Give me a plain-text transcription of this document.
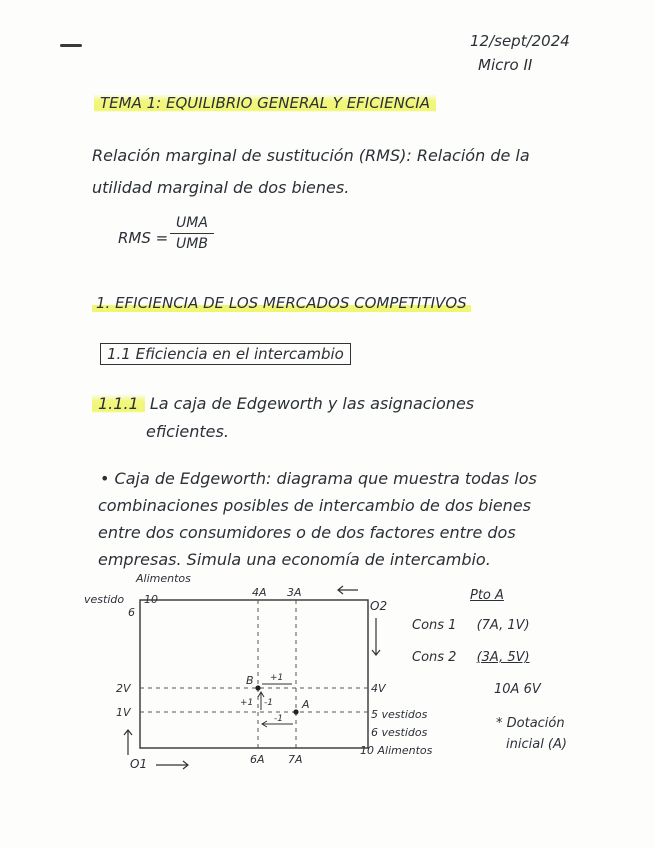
12/sept/2024
Micro II
TEMA 1: EQUILIBRIO GENERAL Y EFICIENCIA
Relación marginal de sustitución (RMS): Relación de la
utilidad marginal de dos bienes.
RMS =
UMA
UMB
1. EFICIENCIA DE LOS MERCADOS COMPETITIVOS
1.1 Eficiencia en el intercambio
1.1.1 La caja de Edgeworth y las asignaciones
eficientes.
• Caja de Edgeworth: diagrama que muestra todas los
combinaciones posibles de intercambio de dos bienes
entre dos consumidores o de dos factores entre dos
empresas. Simula una economía de intercambio.
Alimentos
vestido 10
6
4A 3A
O2
O1
2V
1V
4V
5 vestidos
6 vestidos
6A 7A
10 Alimentos
A
B +1
+1 -1
-1
Pto A
Cons 1 (7A, 1V)
Cons 2 (3A, 5V)
10A 6V
* Dotación
inicial (A)
